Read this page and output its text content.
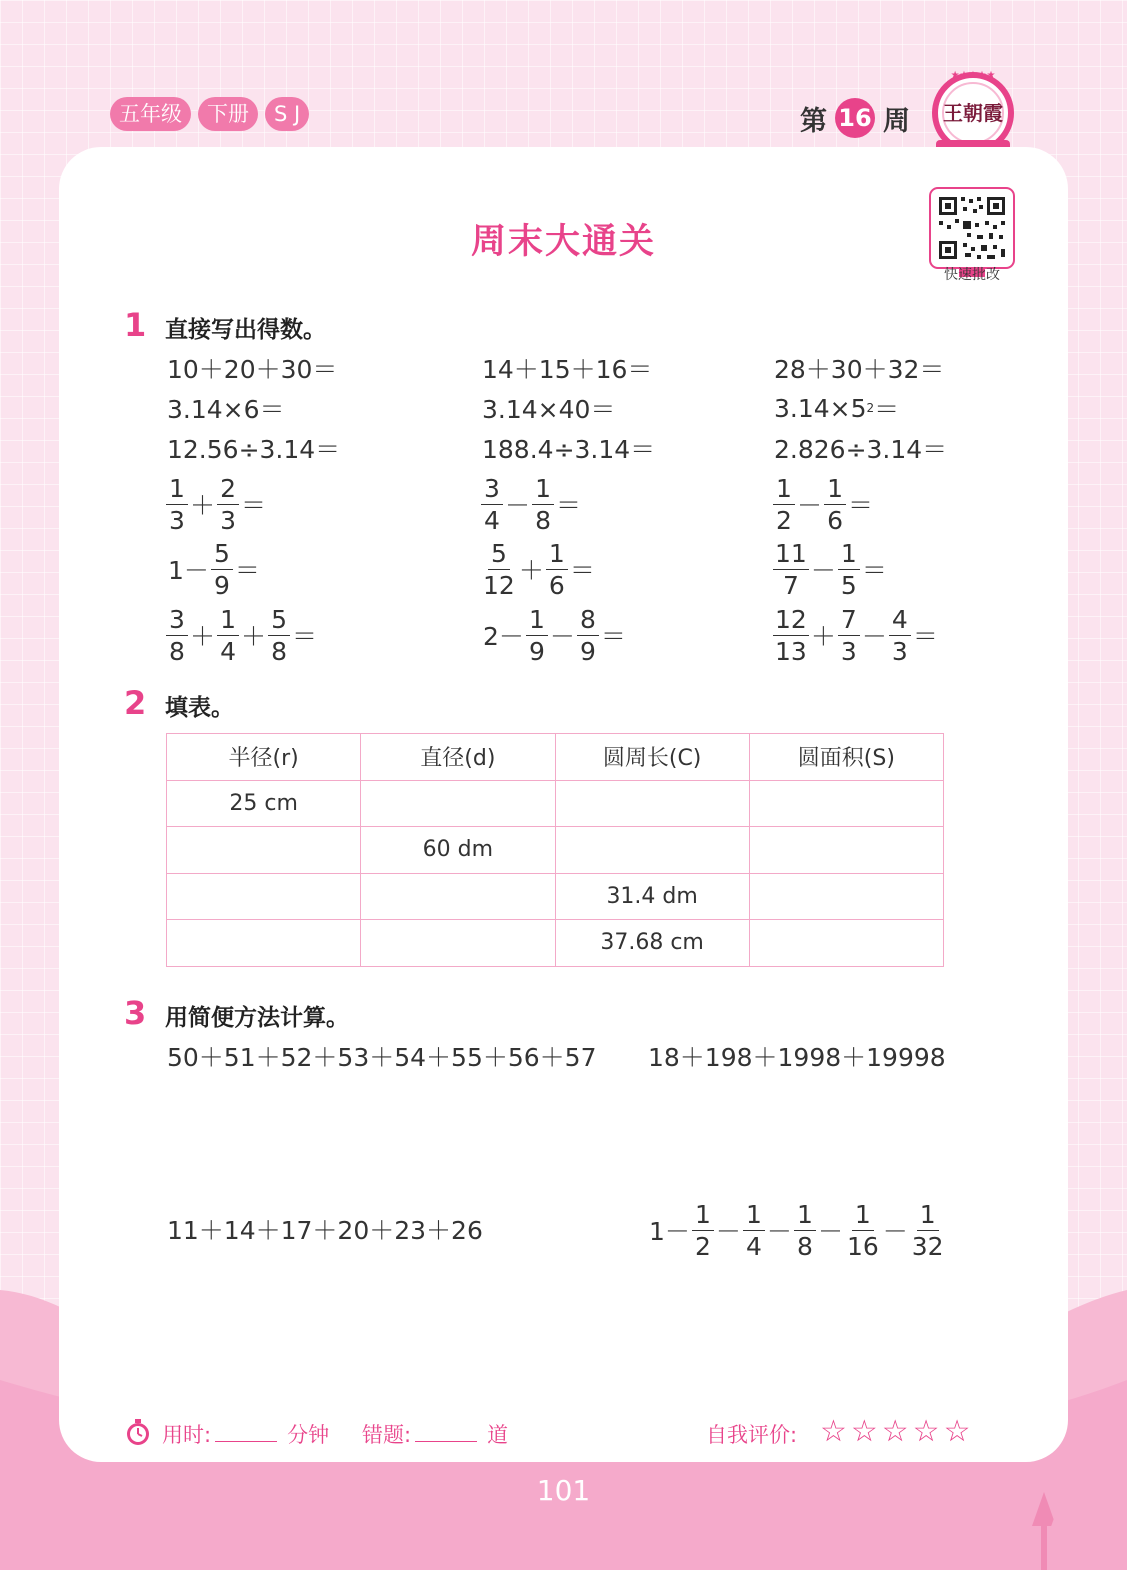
五年级	下册	S J	第 16 周 王朝霞
★★★★★
快速批改
周末大通关
1 直接写出得数。
10＋20＋30＝	14＋15＋16＝	28＋30＋32＝
3.14×6＝	3.14×40＝	3.14×5 2 ＝
12.56÷3.14＝	188.4÷3.14＝	2.826÷3.14＝
$\frac{1}{3} + \frac{2}{3}$ ＝	$\frac{3}{4} - \frac{1}{8}$ ＝	$\frac{1}{2} - \frac{1}{6}$ ＝
$1- \frac{5}{9}$ ＝	$\frac{5}{12} + \frac{1}{6}$ ＝	$\frac{11}{7} - \frac{1}{5}$ ＝
$\frac{3}{8} + \frac{1}{4} + \frac{5}{8}$ ＝	$2- \frac{1}{9} - \frac{8}{9}$ ＝	$\frac{12}{13} + \frac{7}{3} - \frac{4}{3}$ ＝
2 填表。
半径(r)	直径(d)	圆周长(C)	圆面积(S)
25 cm			
	60 dm		
		31.4 dm	
		37.68 cm	
3 用简便方法计算。
50＋51＋52＋53＋54＋55＋56＋57 18＋198＋1998＋19998
11＋14＋17＋20＋23＋26	$1- \frac{1}{2} - \frac{1}{4} - \frac{1}{8} - \frac{1}{16} - \frac{1}{32}$
用时:	分钟 错题:	道	自我评价: ☆☆☆☆☆
101
